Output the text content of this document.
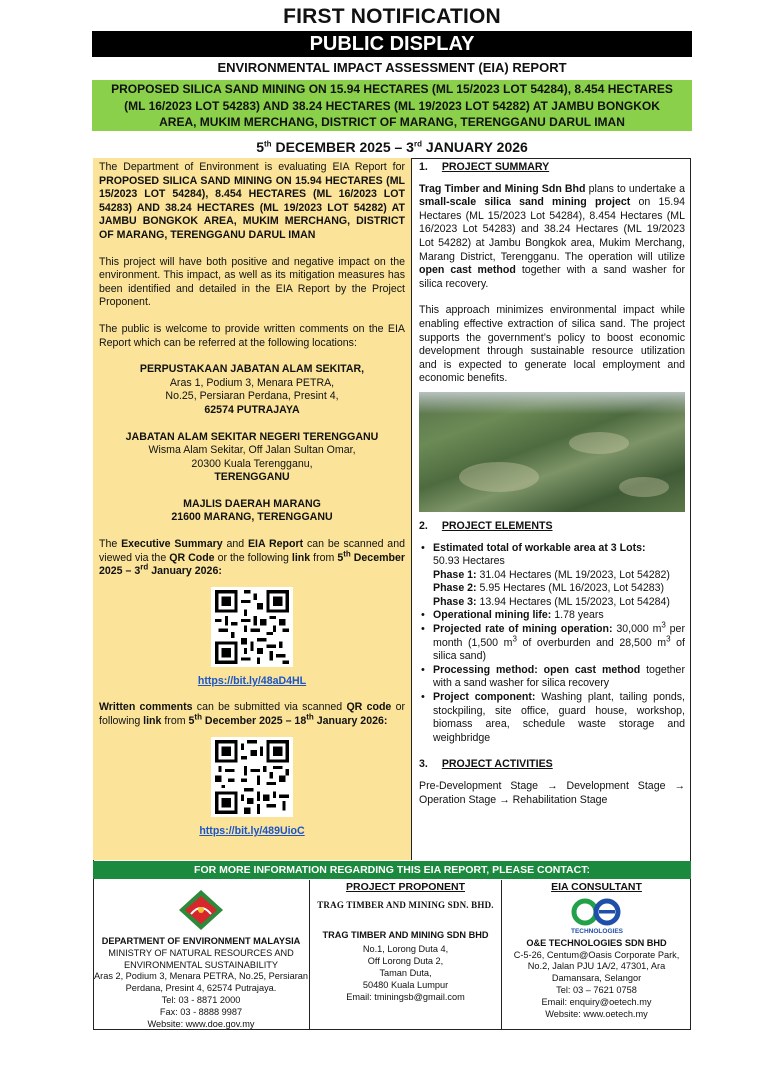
FIRST NOTIFICATION
PUBLIC DISPLAY
ENVIRONMENTAL IMPACT ASSESSMENT (EIA) REPORT
PROPOSED SILICA SAND MINING ON 15.94 HECTARES (ML 15/2023 LOT 54284), 8.454 HECTARES
(ML 16/2023 LOT 54283) AND 38.24 HECTARES (ML 19/2023 LOT 54282) AT JAMBU BONGKOK
AREA, MUKIM MERCHANG, DISTRICT OF MARANG, TERENGGANU DARUL IMAN
5th DECEMBER 2025 – 3rd JANUARY 2026

The Department of Environment is evaluating EIA Report for PROPOSED SILICA SAND MINING ON 15.94 HECTARES (ML 15/2023 LOT 54284), 8.454 HECTARES (ML 16/2023 LOT 54283) AND 38.24 HECTARES (ML 19/2023 LOT 54282) AT JAMBU BONGKOK AREA, MUKIM MERCHANG, DISTRICT OF MARANG, TERENGGANU DARUL IMAN

This project will have both positive and negative impact on the environment. This impact, as well as its mitigation measures has been identified and detailed in the EIA Report by the Project Proponent.

The public is welcome to provide written comments on the EIA Report which can be referred at the following locations:

PERPUSTAKAAN JABATAN ALAM SEKITAR,
Aras 1, Podium 3, Menara PETRA,
No.25, Persiaran Perdana, Presint 4,
62574 PUTRAJAYA
JABATAN ALAM SEKITAR NEGERI TERENGGANU
Wisma Alam Sekitar, Off Jalan Sultan Omar,
20300 Kuala Terengganu,
TERENGGANU
MAJLIS DAERAH MARANG
21600 MARANG, TERENGGANU

The Executive Summary and EIA Report can be scanned and viewed via the QR Code or the following link from 5th December 2025 – 3rd January 2026:

https://bit.ly/48aD4HL

Written comments can be submitted via scanned QR code or following link from 5th December 2025 – 18th January 2026:

https://bit.ly/489UioC
1. PROJECT SUMMARY

Trag Timber and Mining Sdn Bhd plans to undertake a small-scale silica sand mining project on 15.94 Hectares (ML 15/2023 Lot 54284), 8.454 Hectares (ML 16/2023 Lot 54283) and 38.24 Hectares (ML 19/2023 Lot 54282) at Jambu Bongkok area, Mukim Merchang, Marang District, Terengganu. The operation will utilize open cast method together with a sand washer for silica recovery.

This approach minimizes environmental impact while enabling effective extraction of silica sand. The project supports the government’s policy to boost economic development through sustainable resource utilization and is expected to generate local employment and economic benefits.

2. PROJECT ELEMENTS
• Estimated total of workable area at 3 Lots:
50.93 Hectares
Phase 1: 31.04 Hectares (ML 19/2023, Lot 54282)
Phase 2: 5.95 Hectares (ML 16/2023, Lot 54283)
Phase 3: 13.94 Hectares (ML 15/2023, Lot 54284)
• Operational mining life: 1.78 years
• Projected rate of mining operation: 30,000 $m^3$ per month (1,500 $m^3$ of overburden and 28,500 $m^3$ of silica sand)
• Processing method: open cast method together with a sand washer for silica recovery
• Project component: Washing plant, tailing ponds, stockpiling, site office, guard house, workshop, biomass area, schedule waste storage and weighbridge
3. PROJECT ACTIVITIES

Pre-Development Stage → Development Stage → Operation Stage → Rehabilitation Stage

FOR MORE INFORMATION REGARDING THIS EIA REPORT, PLEASE CONTACT:
DEPARTMENT OF ENVIRONMENT MALAYSIA
MINISTRY OF NATURAL RESOURCES AND
ENVIRONMENTAL SUSTAINABILITY
Aras 2, Podium 3, Menara PETRA, No.25, Persiaran
Perdana, Presint 4, 62574 Putrajaya.
Tel: 03 - 8871 2000
Fax: 03 - 8888 9987
Website: www.doe.gov.my
PROJECT PROPONENT
TRAG TIMBER AND MINING SDN. BHD.
TRAG TIMBER AND MINING SDN BHD
No.1, Lorong Duta 4,
Off Lorong Duta 2,
Taman Duta,
50480 Kuala Lumpur
Email: tminingsb@gmail.com
EIA CONSULTANT
TECHNOLOGIES
O&E TECHNOLOGIES SDN BHD
C-5-26, Centum@Oasis Corporate Park,
No.2, Jalan PJU 1A/2, 47301, Ara
Damansara, Selangor
Tel: 03 – 7621 0758
Email: enquiry@oetech.my
Website: www.oetech.my
